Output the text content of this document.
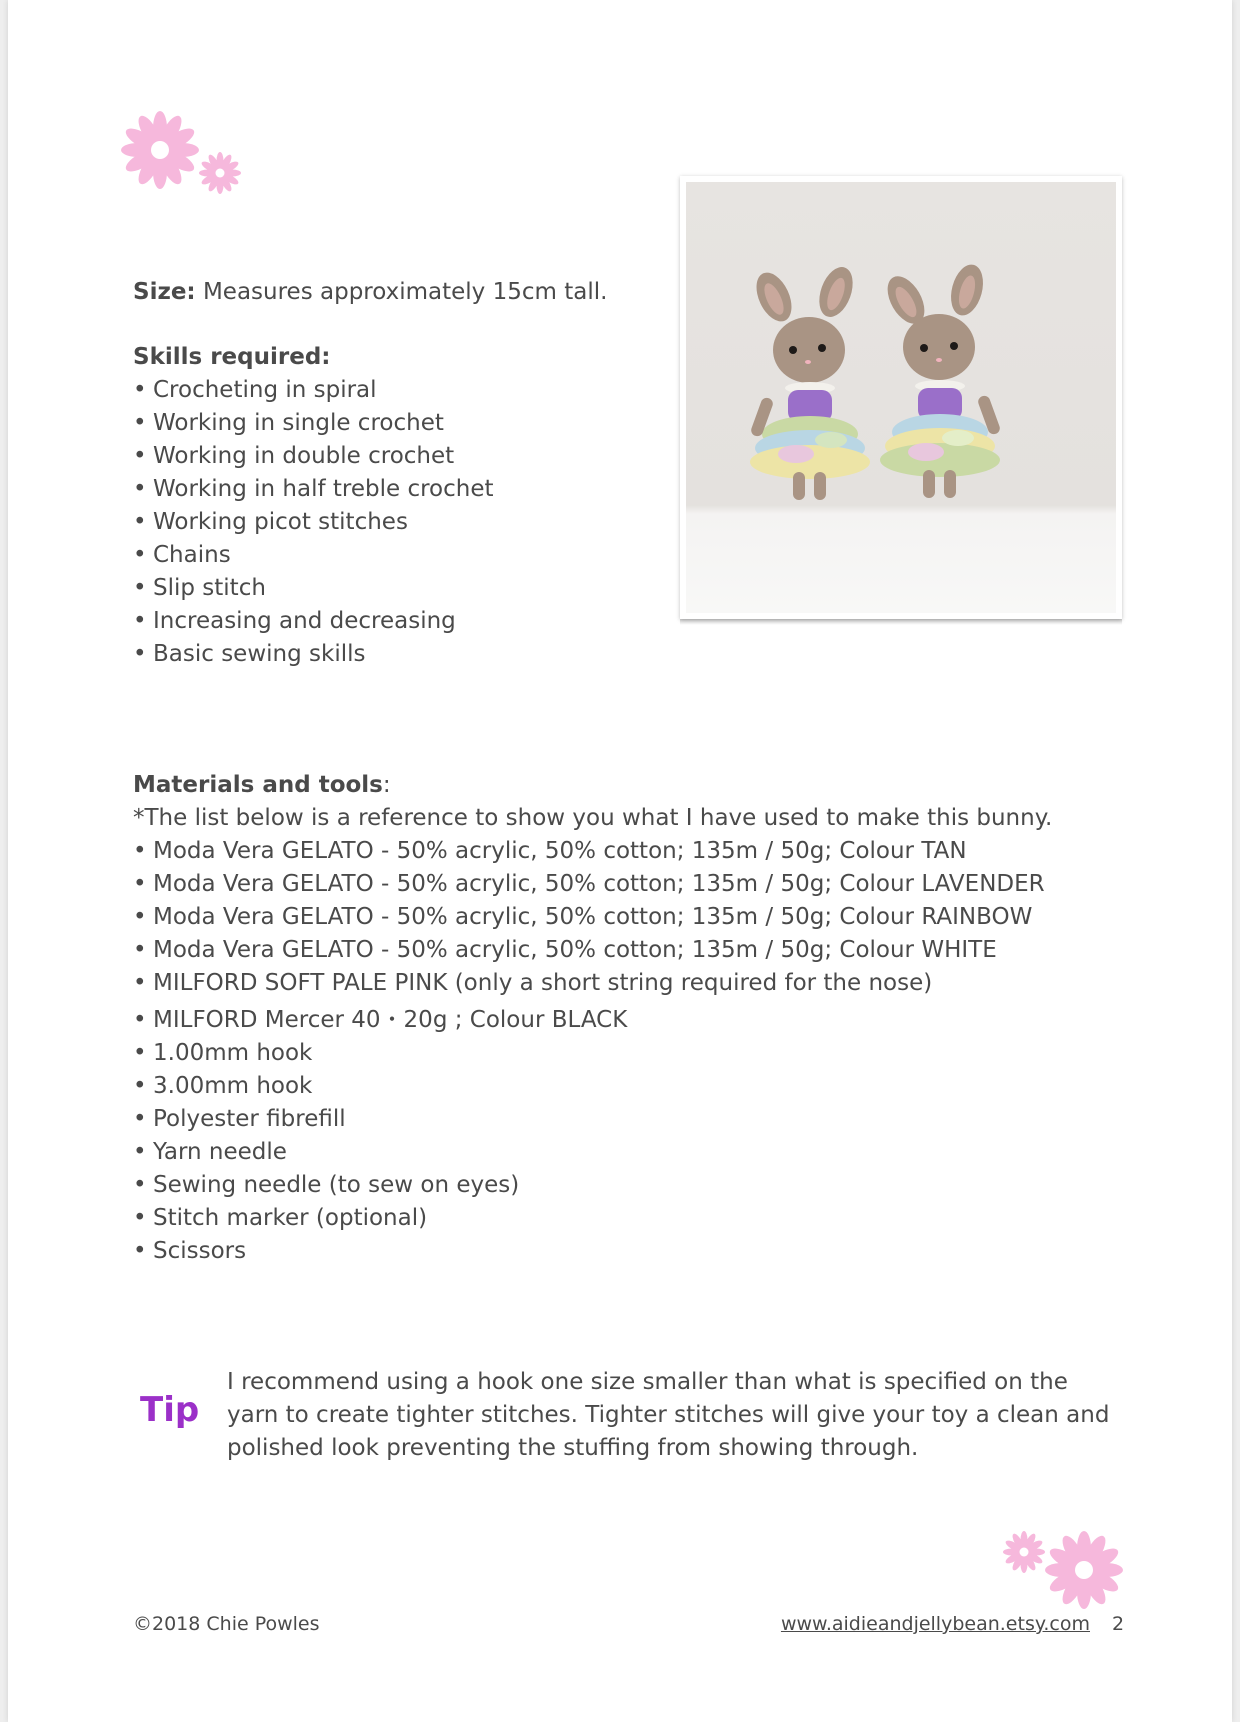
Size: Measures approximately 15cm tall.
Skills required:
• Crocheting in spiral
• Working in single crochet
• Working in double crochet
• Working in half treble crochet
• Working picot stitches
• Chains
• Slip stitch
• Increasing and decreasing
• Basic sewing skills
Materials and tools:
*The list below is a reference to show you what I have used to make this bunny.
• Moda Vera GELATO - 50% acrylic, 50% cotton; 135m / 50g; Colour TAN
• Moda Vera GELATO - 50% acrylic, 50% cotton; 135m / 50g; Colour LAVENDER
• Moda Vera GELATO - 50% acrylic, 50% cotton; 135m / 50g; Colour RAINBOW
• Moda Vera GELATO - 50% acrylic, 50% cotton; 135m / 50g; Colour WHITE
• MILFORD SOFT PALE PINK (only a short string required for the nose)
• MILFORD Mercer 40・20g ; Colour BLACK
• 1.00mm hook
• 3.00mm hook
• Polyester fibrefill
• Yarn needle
• Sewing needle (to sew on eyes)
• Stitch marker (optional)
• Scissors
Tip
I recommend using a hook one size smaller than what is specified on the
yarn to create tighter stitches. Tighter stitches will give your toy a clean and
polished look preventing the stuffing from showing through.
©2018 Chie Powles	www.aidieandjellybean.etsy.com 2
